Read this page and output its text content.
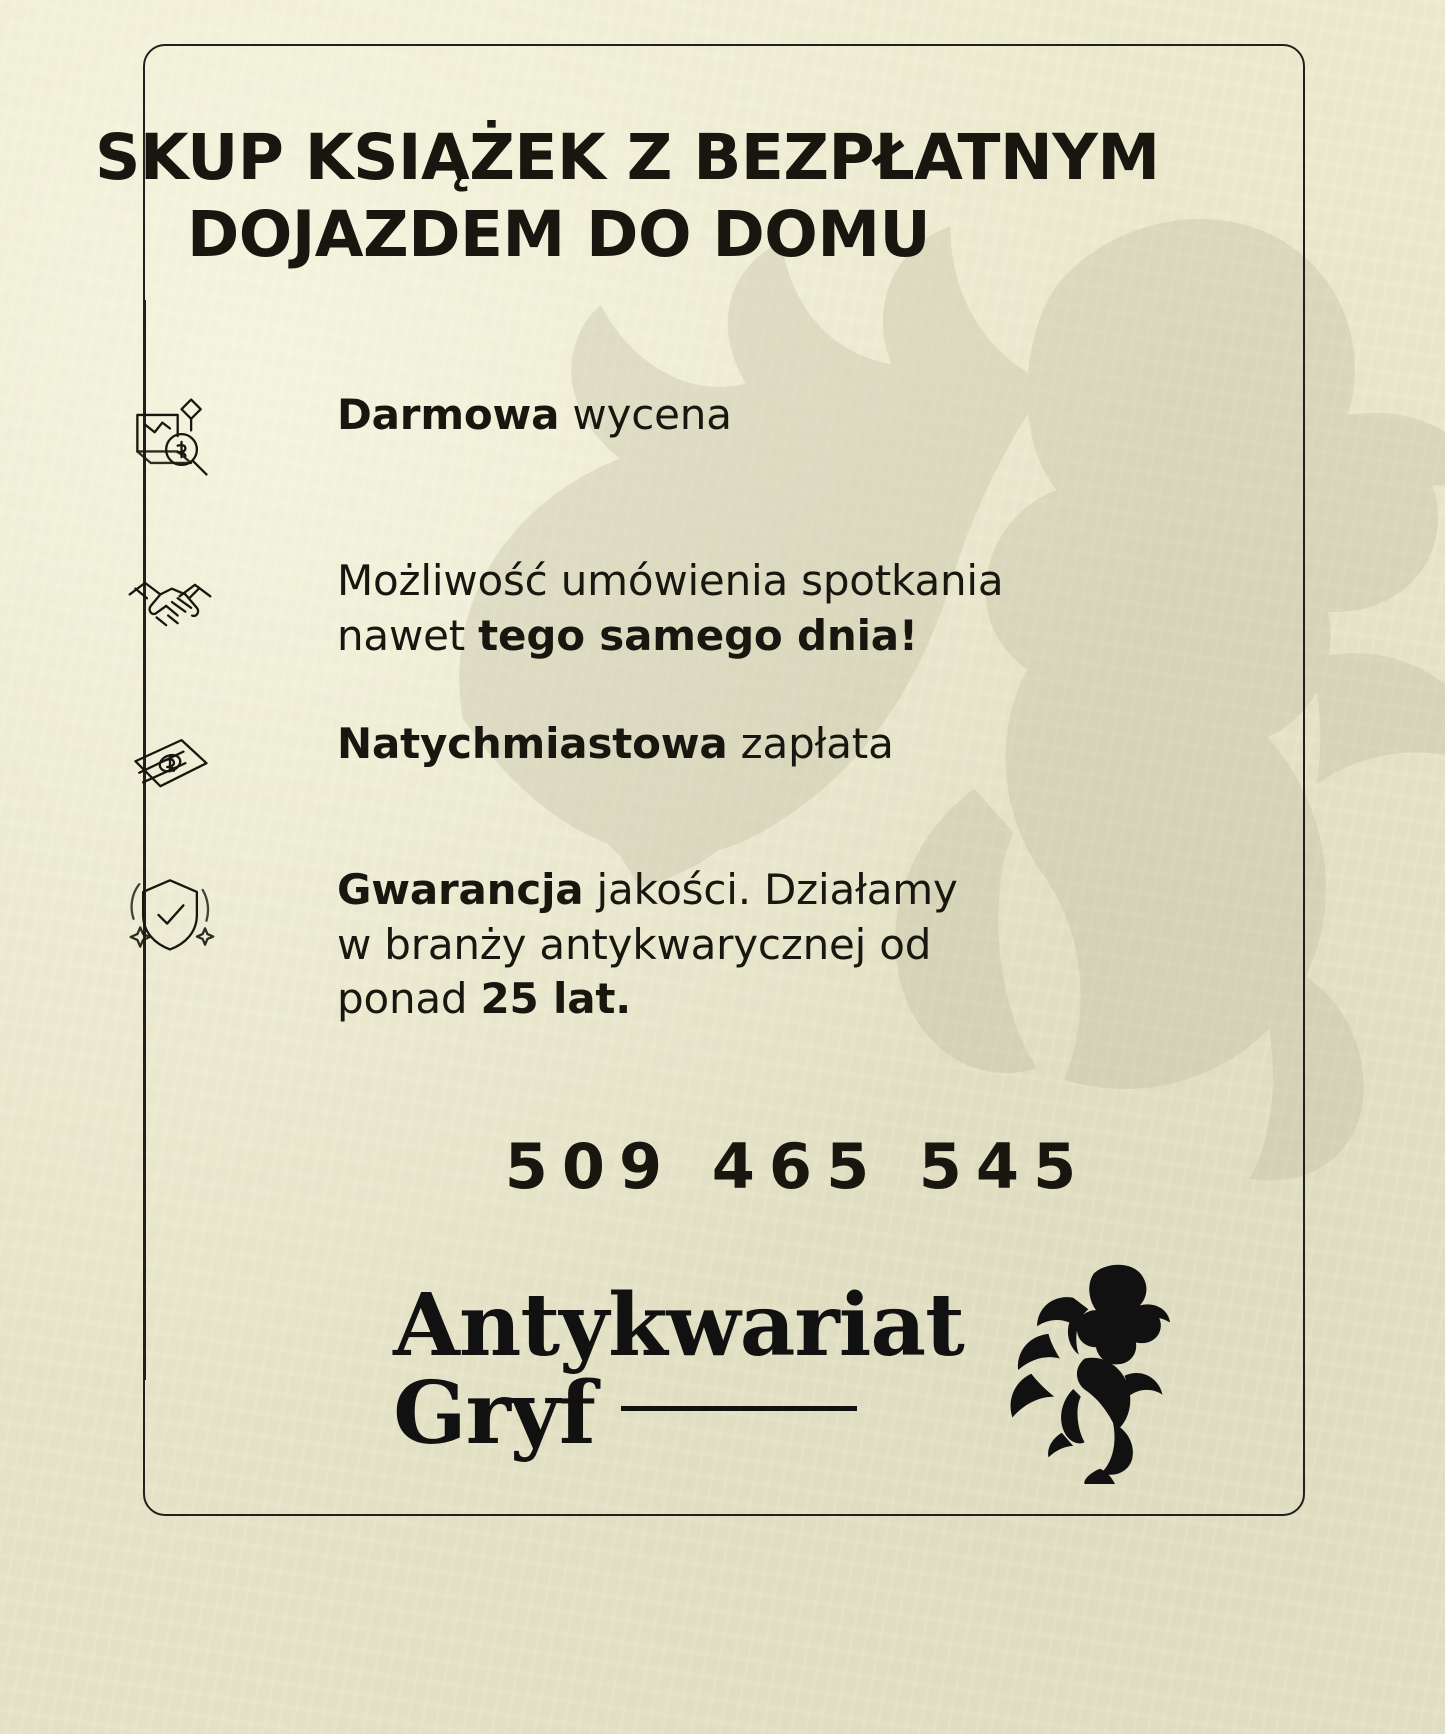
SKUP KSIĄŻEK Z BEZPŁATNYM
DOJAZDEM DO DOMU
Darmowa wycena
Możliwość umówienia spotkania
nawet tego samego dnia!
Natychmiastowa zapłata
Gwarancja jakości. Działamy
w branży antykwarycznej od
ponad 25 lat.
509 465 545
Antykwariat
Gryf
